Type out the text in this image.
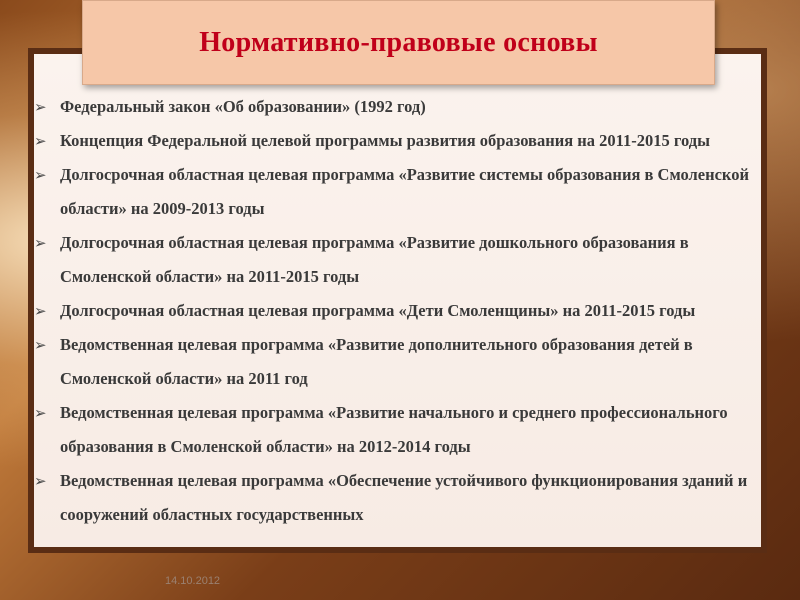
Нормативно-правовые основы
➢ Федеральный закон «Об образовании» (1992 год)
➢ Концепция Федеральной целевой программы развития образования на 2011-2015 годы
➢ Долгосрочная областная целевая программа «Развитие системы образования в Смоленской области» на 2009-2013 годы
➢ Долгосрочная областная целевая программа «Развитие дошкольного образования в Смоленской области» на 2011-2015 годы
➢ Долгосрочная областная целевая программа «Дети Смоленщины» на 2011-2015 годы
➢ Ведомственная целевая программа «Развитие дополнительного образования детей в Смоленской области» на 2011 год
➢ Ведомственная целевая программа «Развитие начального и среднего профессионального образования в Смоленской области» на 2012-2014 годы
➢ Ведомственная целевая программа «Обеспечение устойчивого функционирования зданий и сооружений областных государственных
14.10.2012
